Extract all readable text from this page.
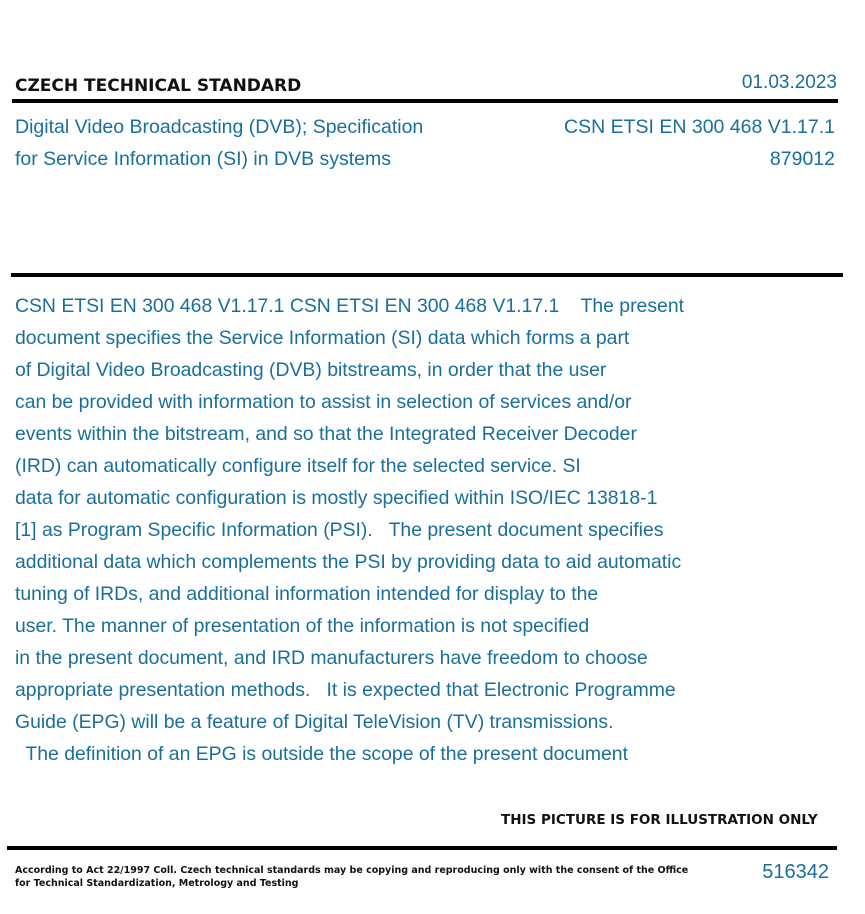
CZECH TECHNICAL STANDARD	01.03.2023
Digital Video Broadcasting (DVB); Specification
for Service Information (SI) in DVB systems
CSN ETSI EN 300 468 V1.17.1
879012
CSN ETSI EN 300 468 V1.17.1 CSN ETSI EN 300 468 V1.17.1    The present
document specifies the Service Information (SI) data which forms a part
of Digital Video Broadcasting (DVB) bitstreams, in order that the user
can be provided with information to assist in selection of services and/or
events within the bitstream, and so that the Integrated Receiver Decoder
(IRD) can automatically configure itself for the selected service. SI
data for automatic configuration is mostly specified within ISO/IEC 13818-1
[1] as Program Specific Information (PSI).   The present document specifies
additional data which complements the PSI by providing data to aid automatic
tuning of IRDs, and additional information intended for display to the
user. The manner of presentation of the information is not specified
in the present document, and IRD manufacturers have freedom to choose
appropriate presentation methods.   It is expected that Electronic Programme
Guide (EPG) will be a feature of Digital TeleVision (TV) transmissions.
The definition of an EPG is outside the scope of the present document
THIS PICTURE IS FOR ILLUSTRATION ONLY
According to Act 22/1997 Coll. Czech technical standards may be copying and reproducing only with the consent of the Office
for Technical Standardization, Metrology and Testing
516342
